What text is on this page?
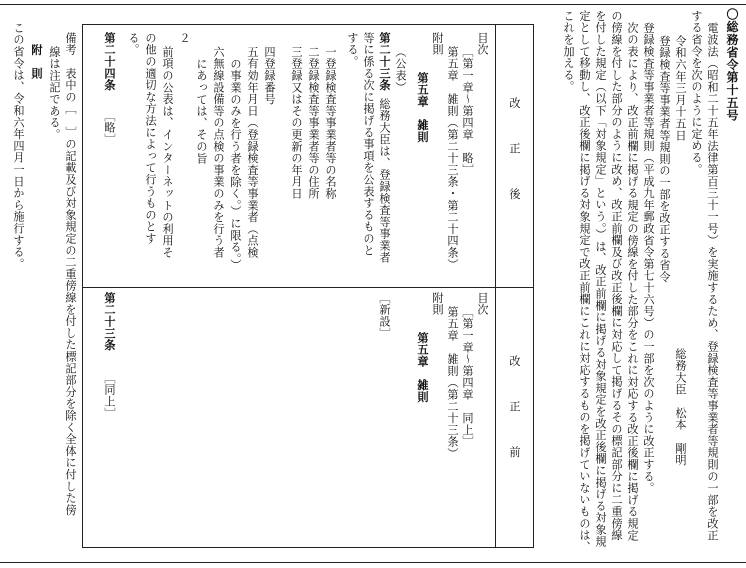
〇総務省令第十五号
電波法（昭和二十五年法律第百三十一号）を実施するため、登録検査等事業者等規則の一部を改正
する省令を次のように定める。
令和六年三月十五日
総務大臣　松本　剛明
登録検査等事業者等規則の一部を改正する省令
登録検査等事業者等規則（平成九年郵政省令第七十六号）の一部を次のように改正する。
次の表により、改正前欄に掲げる規定の傍線を付した部分をこれに対応する改正後欄に掲げる規定
の傍線を付した部分のように改め、改正前欄及び改正後欄に対応して掲げるその標記部分に二重傍線
を付した規定（以下「対象規定」という。）は、改正前欄に掲げる対象規定を改正後欄に掲げる対象規
定として移動し、改正後欄に掲げる対象規定で改正前欄にこれに対応するものを掲げていないものは、
これを加える。
改　　正　　後
改　　正　　前
目次
［第一章～第四章　略］
第五章　雑則（第二十三条・第二十四条）
附則
第五章　雑則
（公表）
第二十三条
総務大臣は、登録検査等事業者
等に係る次に掲げる事項を公表するものと
する。
一登録検査等事業者等の名称
二登録検査等事業者等の住所
三登録又はその更新の年月日
四登録番号
五有効年月日（登録検査等事業者（点検
の事業のみを行う者を除く。）に限る。）
六無線設備等の点検の事業のみを行う者
にあっては、その旨
２
前項の公表は、インターネットの利用そ
の他の適切な方法によって行うものとす
る。
第二十四条
［略］
目次
［第一章～第四章　同上］
第五章　雑則（第二十三条）
附則
第五章　雑則
［新設］
第二十三条
［同上］
備考　表中の［　］の記載及び対象規定の二重傍線を付した標記部分を除く全体に付した傍
線は注記である。
附　則
この省令は、令和六年四月一日から施行する。
